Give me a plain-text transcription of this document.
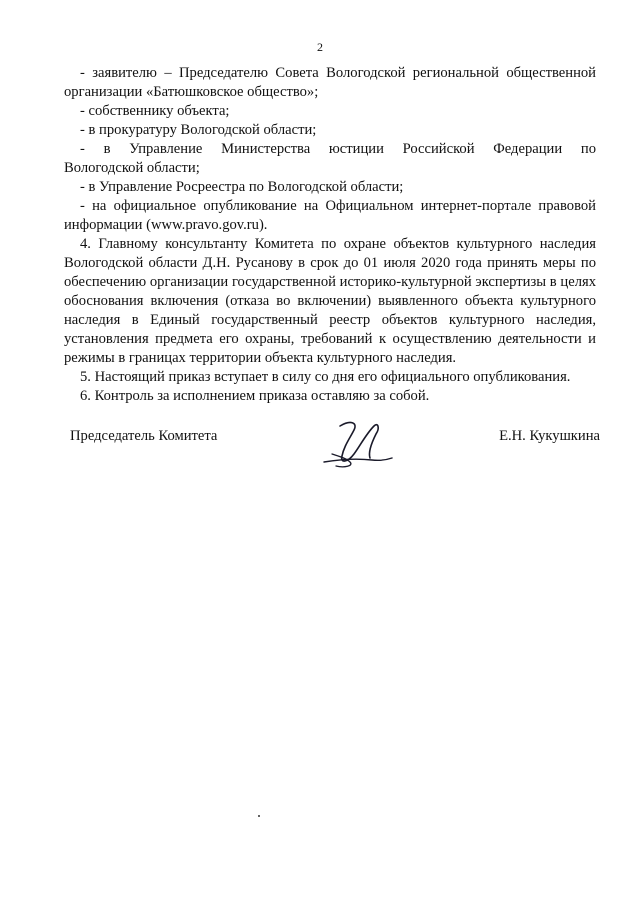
2

- заявителю – Председателю Совета Вологодской региональной общественной

организации «Батюшковское общество»;

- собственнику объекта;

- в прокуратуру Вологодской области;

- в Управление Министерства юстиции Российской Федерации по

Вологодской области;

- в Управление Росреестра по Вологодской области;

- на официальное опубликование на Официальном интернет-портале правовой

информации (www.pravo.gov.ru).

4. Главному консультанту Комитета по охране объектов культурного наследия Вологодской области Д.Н. Русанову в срок до 01 июля 2020 года принять меры по обеспечению организации государственной историко-культурной экспертизы в целях обоснования включения (отказа во включении) выявленного объекта культурного наследия в Единый государственный реестр объектов культурного наследия, установления предмета его охраны, требований к осуществлению деятельности и режимы в границах территории объекта культурного наследия.

5. Настоящий приказ вступает в силу со дня его официального опубликования.

6. Контроль за исполнением приказа оставляю за собой.

Председатель Комитета	Е.Н. Кукушкина
